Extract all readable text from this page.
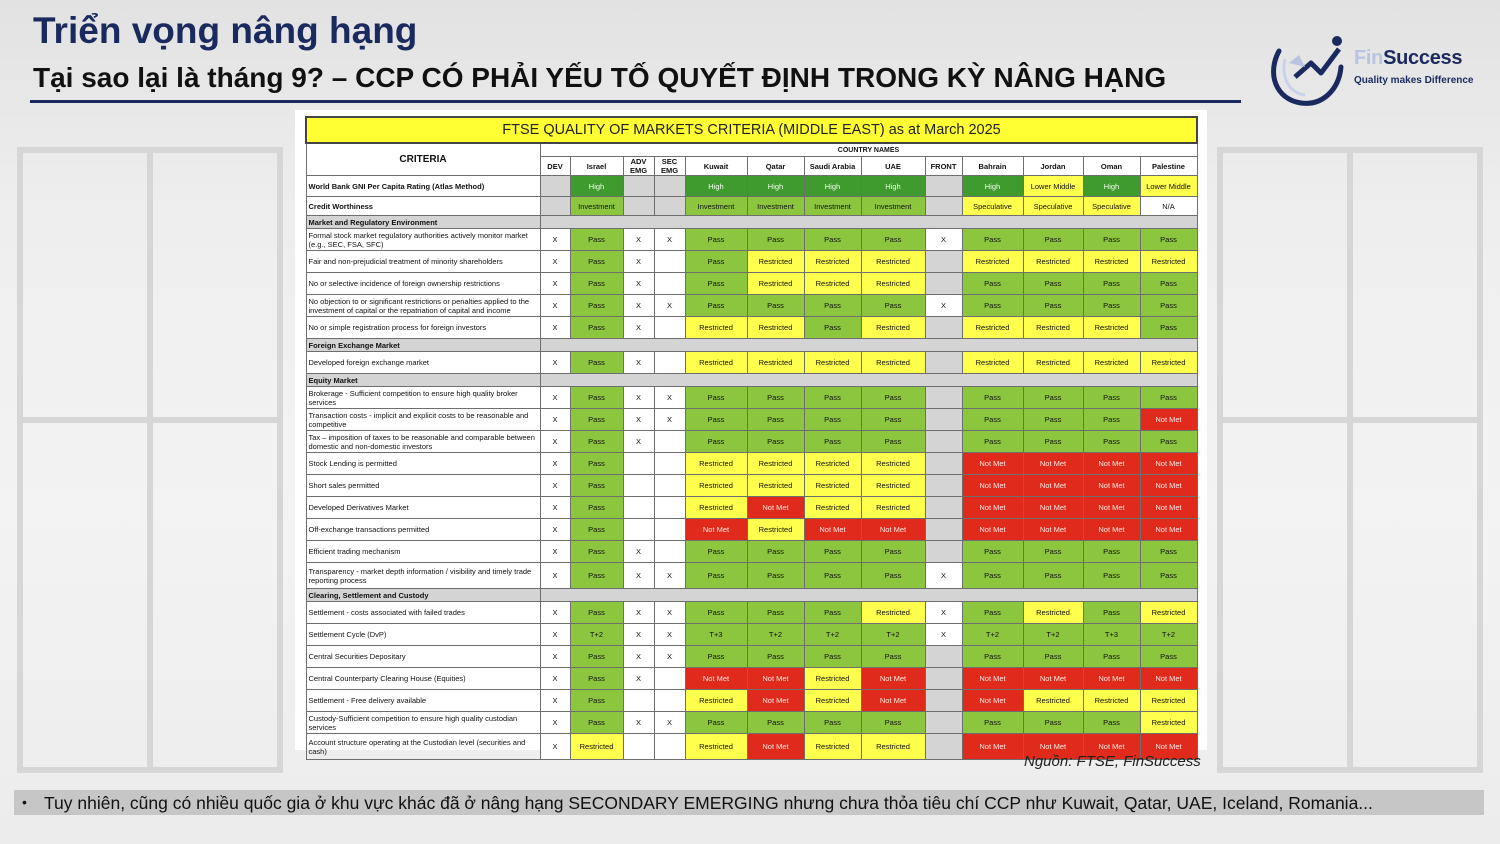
Triển vọng nâng hạng
Tại sao lại là tháng 9? – CCP CÓ PHẢI YẾU TỐ QUYẾT ĐỊNH TRONG KỲ NÂNG HẠNG
FinSuccess
Quality makes Difference
FTSE QUALITY OF MARKETS CRITERIA (MIDDLE EAST) as at March 2025													
CRITERIA	COUNTRY NAMES												
	DEV	Israel	ADV EMG	SEC EMG	Kuwait	Qatar	Saudi Arabia	UAE	FRONT	Bahrain	Jordan	Oman	Palestine
World Bank GNI Per Capita Rating (Atlas Method)		High			High	High	High	High		High	Lower Middle	High	Lower Middle
Credit Worthiness		Investment			Investment	Investment	Investment	Investment		Speculative	Speculative	Speculative	N/A
Market and Regulatory Environment													
Formal stock market regulatory authorities actively monitor market (e.g., SEC, FSA, SFC)	X	Pass	X	X	Pass	Pass	Pass	Pass	X	Pass	Pass	Pass	Pass
Fair and non-prejudicial treatment of minority shareholders	X	Pass	X		Pass	Restricted	Restricted	Restricted		Restricted	Restricted	Restricted	Restricted
No or selective incidence of foreign ownership restrictions	X	Pass	X		Pass	Restricted	Restricted	Restricted		Pass	Pass	Pass	Pass
No objection to or significant restrictions or penalties applied to the investment of capital or the repatriation of capital and income	X	Pass	X	X	Pass	Pass	Pass	Pass	X	Pass	Pass	Pass	Pass
No or simple registration process for foreign investors	X	Pass	X		Restricted	Restricted	Pass	Restricted		Restricted	Restricted	Restricted	Pass
Foreign Exchange Market													
Developed foreign exchange market	X	Pass	X		Restricted	Restricted	Restricted	Restricted		Restricted	Restricted	Restricted	Restricted
Equity Market													
Brokerage - Sufficient competition to ensure high quality broker services	X	Pass	X	X	Pass	Pass	Pass	Pass		Pass	Pass	Pass	Pass
Transaction costs - implicit and explicit costs to be reasonable and competitive	X	Pass	X	X	Pass	Pass	Pass	Pass		Pass	Pass	Pass	Not Met
Tax – imposition of taxes to be reasonable and comparable between domestic and non-domestic investors	X	Pass	X		Pass	Pass	Pass	Pass		Pass	Pass	Pass	Pass
Stock Lending is permitted	X	Pass			Restricted	Restricted	Restricted	Restricted		Not Met	Not Met	Not Met	Not Met
Short sales permitted	X	Pass			Restricted	Restricted	Restricted	Restricted		Not Met	Not Met	Not Met	Not Met
Developed Derivatives Market	X	Pass			Restricted	Not Met	Restricted	Restricted		Not Met	Not Met	Not Met	Not Met
Off-exchange transactions permitted	X	Pass			Not Met	Restricted	Not Met	Not Met		Not Met	Not Met	Not Met	Not Met
Efficient trading mechanism	X	Pass	X		Pass	Pass	Pass	Pass		Pass	Pass	Pass	Pass
Transparency - market depth information / visibility and timely trade reporting process	X	Pass	X	X	Pass	Pass	Pass	Pass	X	Pass	Pass	Pass	Pass
Clearing, Settlement and Custody													
Settlement - costs associated with failed trades	X	Pass	X	X	Pass	Pass	Pass	Restricted	X	Pass	Restricted	Pass	Restricted
Settlement Cycle (DvP)	X	T+2	X	X	T+3	T+2	T+2	T+2	X	T+2	T+2	T+3	T+2
Central Securities Depositary	X	Pass	X	X	Pass	Pass	Pass	Pass		Pass	Pass	Pass	Pass
Central Counterparty Clearing House (Equities)	X	Pass	X		Not Met	Not Met	Restricted	Not Met		Not Met	Not Met	Not Met	Not Met
Settlement - Free delivery available	X	Pass			Restricted	Not Met	Restricted	Not Met		Not Met	Restricted	Restricted	Restricted
Custody-Sufficient competition to ensure high quality custodian services	X	Pass	X	X	Pass	Pass	Pass	Pass		Pass	Pass	Pass	Restricted
Account structure operating at the Custodian level (securities and cash)	X	Restricted			Restricted	Not Met	Restricted	Restricted		Not Met	Not Met	Not Met	Not Met
Nguồn: FTSE, FinSuccess
• Tuy nhiên, cũng có nhiều quốc gia ở khu vực khác đã ở nâng hạng SECONDARY EMERGING nhưng chưa thỏa tiêu chí CCP như Kuwait, Qatar, UAE, Iceland, Romania...
